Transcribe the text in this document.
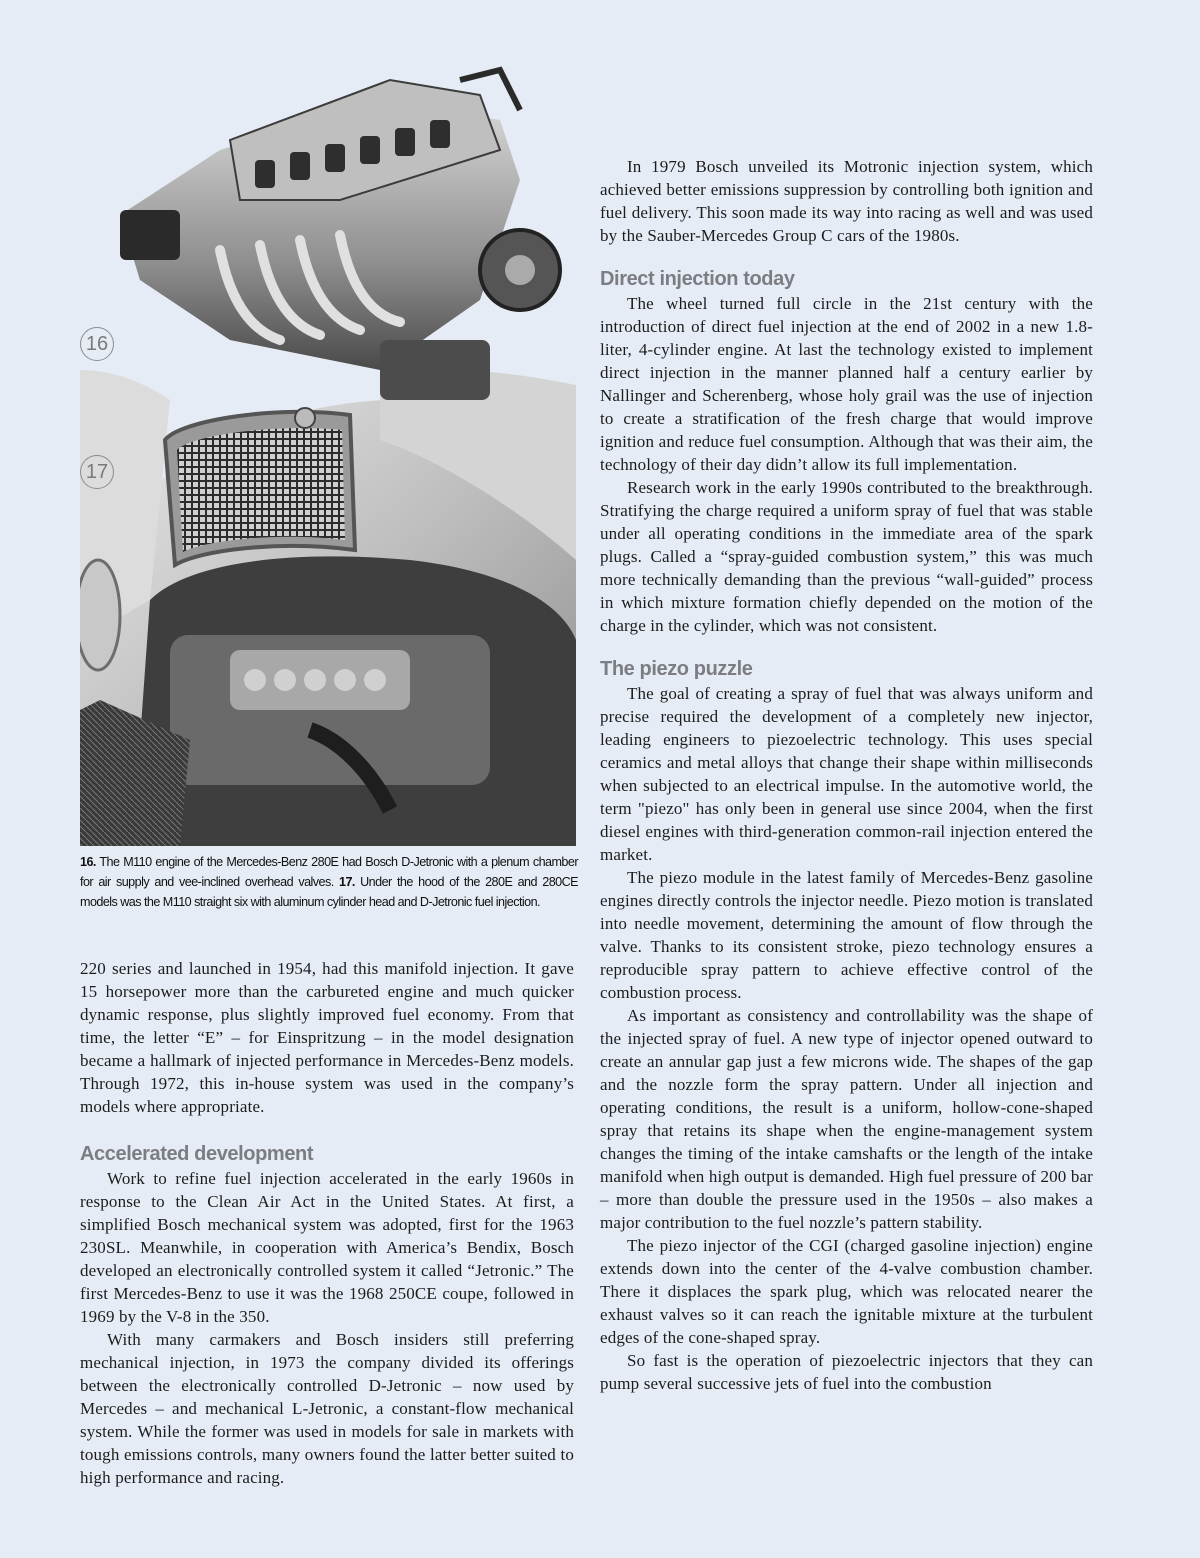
16
17
16. The M110 engine of the Mercedes-Benz 280E had Bosch D-Jetronic with a plenum chamber for air supply and vee-inclined overhead valves. 17. Under the hood of the 280E and 280CE models was the M110 straight six with aluminum cylinder head and D-Jetronic fuel injection.

220 series and launched in 1954, had this manifold injection. It gave 15 horsepower more than the carbureted engine and much quicker dynamic response, plus slightly improved fuel economy. From that time, the letter “E” – for Einspritzung – in the model designation became a hallmark of injected performance in Mercedes-Benz models. Through 1972, this in-house system was used in the company’s models where appropriate.

Accelerated development

Work to refine fuel injection accelerated in the early 1960s in response to the Clean Air Act in the United States. At first, a simplified Bosch mechanical system was adopted, first for the 1963 230SL. Meanwhile, in cooperation with America’s Bendix, Bosch developed an electronically controlled system it called “Jetronic.” The first Mercedes-Benz to use it was the 1968 250CE coupe, followed in 1969 by the V-8 in the 350.

With many carmakers and Bosch insiders still preferring mechanical injection, in 1973 the company divided its offerings between the electronically controlled D-Jetronic – now used by Mercedes – and mechanical L-Jetronic, a constant-flow mechanical system. While the former was used in models for sale in markets with tough emissions controls, many owners found the latter better suited to high performance and racing.

In 1979 Bosch unveiled its Motronic injection system, which achieved better emissions suppression by controlling both ignition and fuel delivery. This soon made its way into racing as well and was used by the Sauber-Mercedes Group C cars of the 1980s.

Direct injection today

The wheel turned full circle in the 21st century with the introduction of direct fuel injection at the end of 2002 in a new 1.8-liter, 4-cylinder engine. At last the technology existed to implement direct injection in the manner planned half a century earlier by Nallinger and Scherenberg, whose holy grail was the use of injection to create a stratification of the fresh charge that would improve ignition and reduce fuel consumption. Although that was their aim, the technology of their day didn’t allow its full implementation.

Research work in the early 1990s contributed to the breakthrough. Stratifying the charge required a uniform spray of fuel that was stable under all operating conditions in the immediate area of the spark plugs. Called a “spray-guided combustion system,” this was much more technically demanding than the previous “wall-guided” process in which mixture formation chiefly depended on the motion of the charge in the cylinder, which was not consistent.

The piezo puzzle

The goal of creating a spray of fuel that was always uniform and precise required the development of a completely new injector, leading engineers to piezoelectric technology. This uses special ceramics and metal alloys that change their shape within milliseconds when subjected to an electrical impulse. In the automotive world, the term "piezo" has only been in general use since 2004, when the first diesel engines with third-generation common-rail injection entered the market.

The piezo module in the latest family of Mercedes-Benz gasoline engines directly controls the injector needle. Piezo motion is translated into needle movement, determining the amount of flow through the valve. Thanks to its consistent stroke, piezo technology ensures a reproducible spray pattern to achieve effective control of the combustion process.

As important as consistency and controllability was the shape of the injected spray of fuel. A new type of injector opened outward to create an annular gap just a few microns wide. The shapes of the gap and the nozzle form the spray pattern. Under all injection and operating conditions, the result is a uniform, hollow-cone-shaped spray that retains its shape when the engine-management system changes the timing of the intake camshafts or the length of the intake manifold when high output is demanded. High fuel pressure of 200 bar – more than double the pressure used in the 1950s – also makes a major contribution to the fuel nozzle’s pattern stability.

The piezo injector of the CGI (charged gasoline injection) engine extends down into the center of the 4-valve combustion chamber. There it displaces the spark plug, which was relocated nearer the exhaust valves so it can reach the ignitable mixture at the turbulent edges of the cone-shaped spray.

So fast is the operation of piezoelectric injectors that they can pump several successive jets of fuel into the combustion
